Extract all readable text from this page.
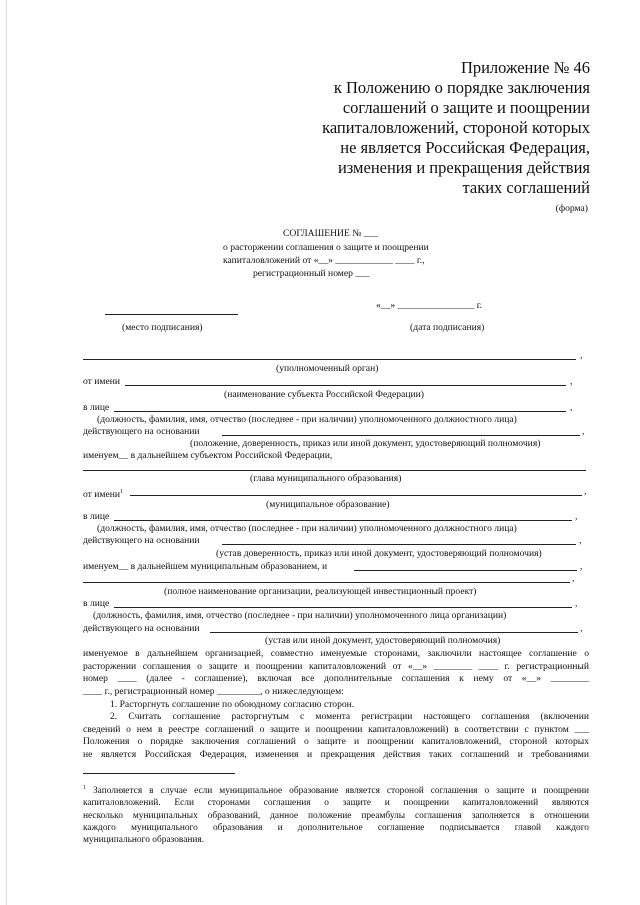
Приложение № 46
к Положению о порядке заключения
соглашений о защите и поощрении
капиталовложений, стороной которых
не является Российская Федерация,
изменения и прекращения действия
таких соглашений
(форма)
СОГЛАШЕНИЕ № ___
о расторжении соглашения о защите и поощрении
капиталовложений от «__» ____________ ____ г.,
регистрационный номер ___
«__» ________________ г.
(место подписания)	(дата подписания)
,
(уполномоченный орган)
от имени	,
(наименование субъекта Российской Федерации)
в лице	,
(должность, фамилия, имя, отчество (последнее - при наличии) уполномоченного должностного лица)
действующего на основании	,
(положение, доверенность, приказ или иной документ, удостоверяющий полномочия)
именуем__ в дальнейшем субъектом Российской Федерации,
(глава муниципального образования)
от имени$^1$	,
(муниципальное образование)
в лице	,
(должность, фамилия, имя, отчество (последнее - при наличии) уполномоченного должностного лица)
действующего на основании	,
(устав доверенность, приказ или иной документ, удостоверяющий полномочия)
именуем__ в дальнейшем муниципальным образованием, и	,
,
(полное наименование организации, реализующей инвестиционный проект)
в лице	,
(должность, фамилия, имя, отчество (последнее - при наличии) уполномоченного лица организации)
действующего на основании	,
(устав или иной документ, удостоверяющий полномочия)
именуемое в дальнейшем организацией, совместно именуемые сторонами, заключили настоящее соглашение о
расторжении соглашения о защите и поощрении капиталовложений от «__» ________ ____ г. регистрационный
номер ____ (далее - соглашение), включая все дополнительные соглашения к нему от «__» ________
____ г., регистрационный номер _________, о нижеследующем:
1. Расторгнуть соглашение по обоюдному согласию сторон.
2. Считать соглашение расторгнутым с момента регистрации настоящего соглашения (включении
сведений о нем в реестре соглашений о защите и поощрении капиталовложений) в соответствии с пунктом ___
Положения о порядке заключения соглашений о защите и поощрении капиталовложений, стороной которых
не является Российская Федерация, изменения и прекращения действия таких соглашений и требованиями
$^1$ Заполняется в случае если муниципальное образование является стороной соглашения о защите и поощрении
капиталовложений. Если сторонами соглашения о защите и поощрении капиталовложений являются
несколько муниципальных образований, данное положение преамбулы соглашения заполняется в отношении
каждого муниципального образования и дополнительное соглашение подписывается главой каждого
муниципального образования.
